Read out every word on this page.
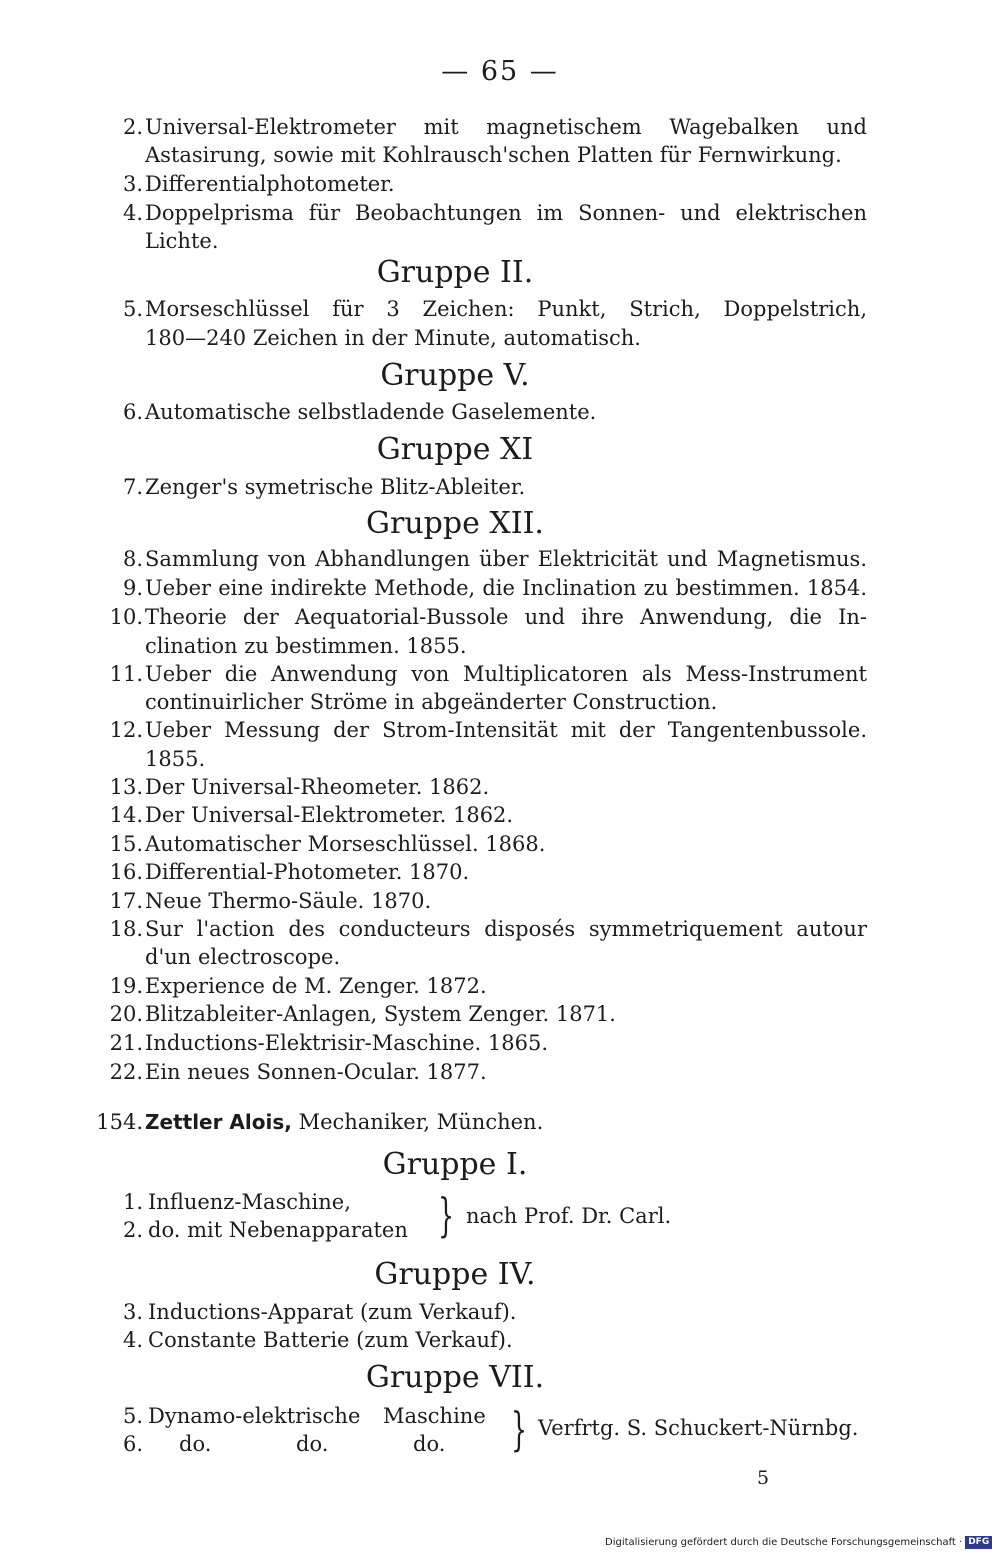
— 65 —
2. Universal-Elektrometer mit magnetischem Wagebalken und
Astasirung, sowie mit Kohlrausch'schen Platten für Fernwirkung.
3. Differentialphotometer.
4. Doppelprisma für Beobachtungen im Sonnen- und elektrischen
Lichte.
Gruppe II.
5. Morseschlüssel für 3 Zeichen: Punkt, Strich, Doppelstrich,
180—240 Zeichen in der Minute, automatisch.
Gruppe V.
6. Automatische selbstladende Gaselemente.
Gruppe XI
7. Zenger's symetrische Blitz-Ableiter.
Gruppe XII.
8. Sammlung von Abhandlungen über Elektricität und Magnetismus.
9. Ueber eine indirekte Methode, die Inclination zu bestimmen. 1854.
10. Theorie der Aequatorial-Bussole und ihre Anwendung, die In-
clination zu bestimmen. 1855.
11. Ueber die Anwendung von Multiplicatoren als Mess-Instrument
continuirlicher Ströme in abgeänderter Construction.
12. Ueber Messung der Strom-Intensität mit der Tangentenbussole.
1855.
13. Der Universal-Rheometer. 1862.
14. Der Universal-Elektrometer. 1862.
15. Automatischer Morseschlüssel. 1868.
16. Differential-Photometer. 1870.
17. Neue Thermo-Säule. 1870.
18. Sur l'action des conducteurs disposés symmetriquement autour
d'un electroscope.
19. Experience de M. Zenger. 1872.
20. Blitzableiter-Anlagen, System Zenger. 1871.
21. Inductions-Elektrisir-Maschine. 1865.
22. Ein neues Sonnen-Ocular. 1877.
154. Zettler Alois, Mechaniker, München.
Gruppe I.
1. Influenz-Maschine,
2. do. mit Nebenapparaten } nach Prof. Dr. Carl.
Gruppe IV.
3. Inductions-Apparat (zum Verkauf).
4. Constante Batterie (zum Verkauf).
Gruppe VII.
5. Dynamo-elektrische Maschine
6. do.	do.	do. } Verfrtg. S. Schuckert-Nürnbg.
5
Digitalisierung gefördert durch die Deutsche Forschungsgemeinschaft · DFG
